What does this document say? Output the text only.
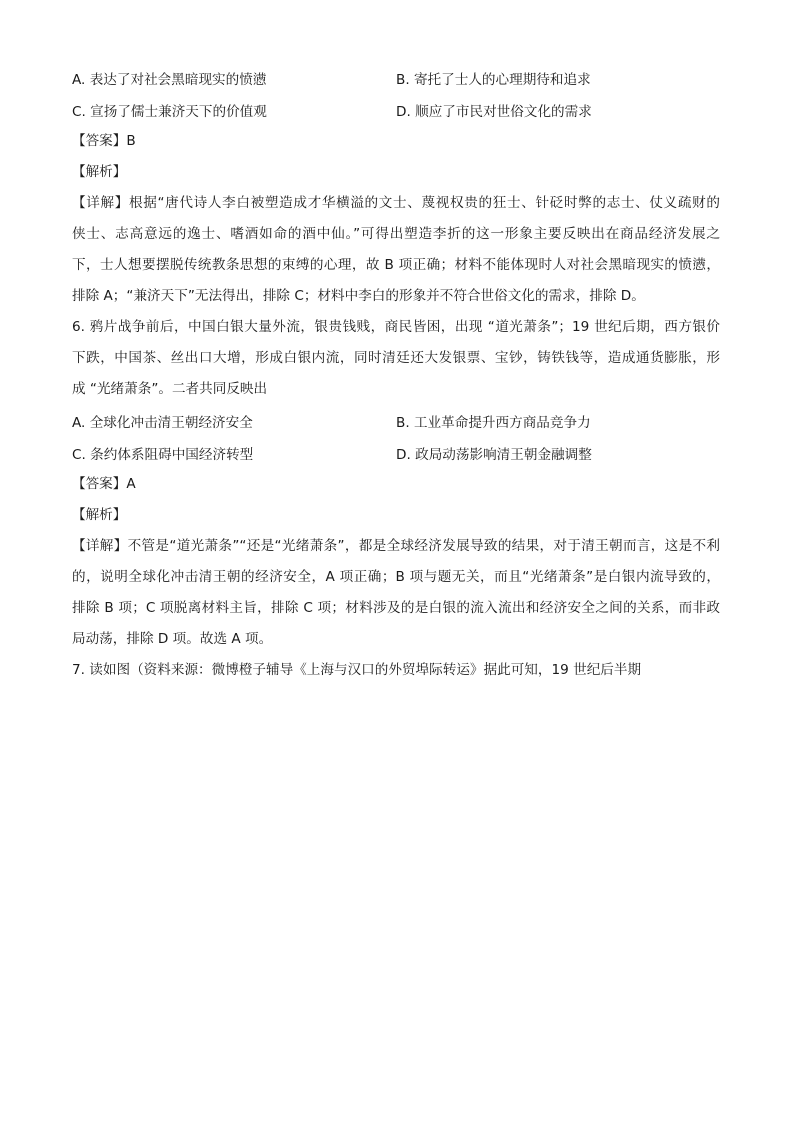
A. 表达了对社会黑暗现实的愤懑	B. 寄托了士人的心理期待和追求
C. 宣扬了儒士兼济天下的价值观	D. 顺应了市民对世俗文化的需求
【答案】B
【解析】
【详解】根据“唐代诗人李白被塑造成才华横溢的文士、蔑视权贵的狂士、针砭时弊的志士、仗义疏财的
侠士、志高意远的逸士、嗜酒如命的酒中仙。”可得出塑造李折的这一形象主要反映出在商品经济发展之
下，士人想要摆脱传统教条思想的束缚的心理，故 B 项正确；材料不能体现时人对社会黑暗现实的愤懑，
排除 A；“兼济天下”无法得出，排除 C；材料中李白的形象并不符合世俗文化的需求，排除 D。
6. 鸦片战争前后，中国白银大量外流，银贵钱贱，商民皆困，出现 “道光萧条”；19 世纪后期，西方银价
下跌，中国茶、丝出口大增，形成白银内流，同时清廷还大发银票、宝钞，铸铁钱等，造成通货膨胀，形
成 “光绪萧条”。二者共同反映出
A. 全球化冲击清王朝经济安全	B. 工业革命提升西方商品竞争力
C. 条约体系阻碍中国经济转型	D. 政局动荡影响清王朝金融调整
【答案】A
【解析】
【详解】不管是“道光萧条”“还是“光绪萧条”，都是全球经济发展导致的结果，对于清王朝而言，这是不利
的，说明全球化冲击清王朝的经济安全，A 项正确；B 项与题无关，而且“光绪萧条”是白银内流导致的，
排除 B 项；C 项脱离材料主旨，排除 C 项；材料涉及的是白银的流入流出和经济安全之间的关系，而非政
局动荡，排除 D 项。故选 A 项。
7. 读如图（资料来源：微博橙子辅导《上海与汉口的外贸埠际转运》据此可知，19 世纪后半期
